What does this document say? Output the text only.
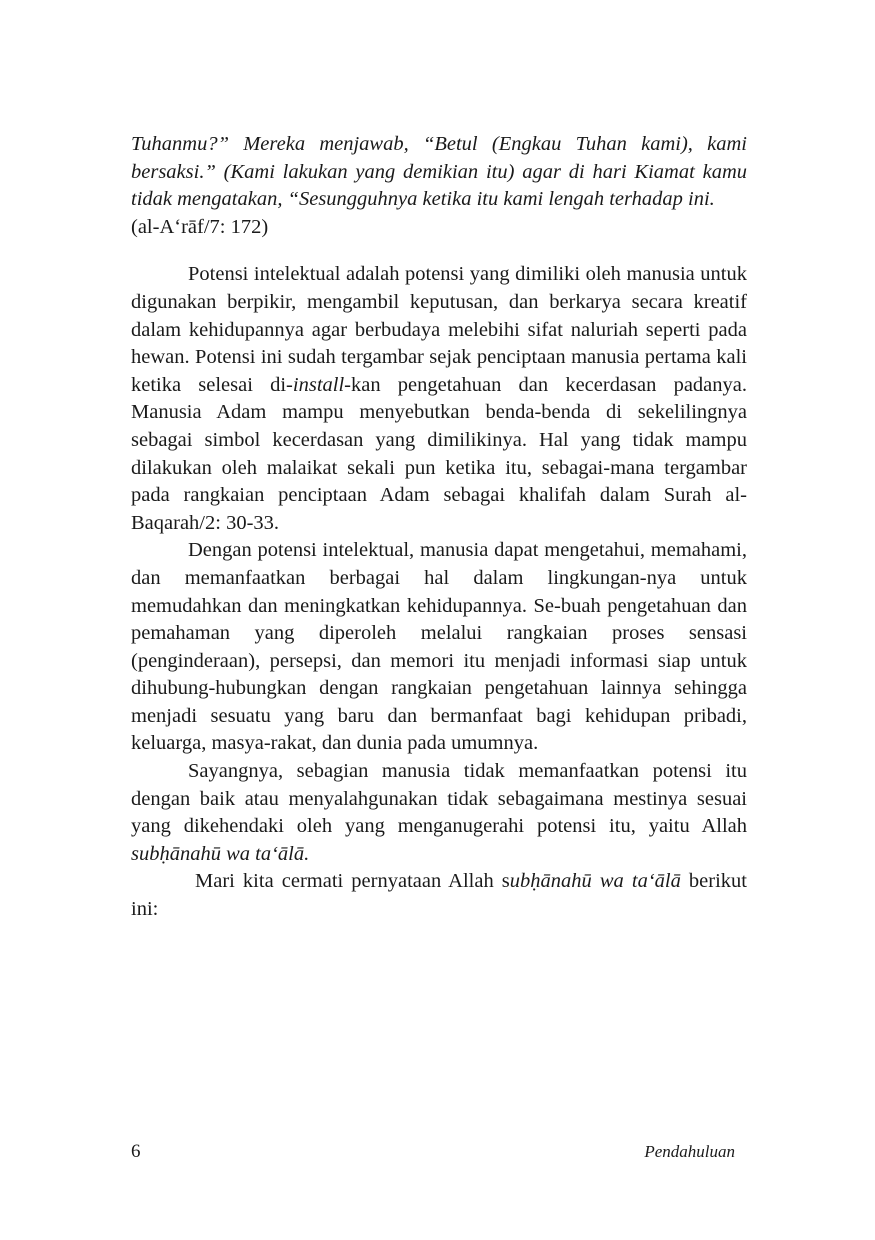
Tuhanmu?” Mereka menjawab, “Betul (Engkau Tuhan kami), kami bersaksi.” (Kami lakukan yang demikian itu) agar di hari Kiamat kamu tidak mengatakan, “Sesungguhnya ketika itu kami lengah terhadap ini.
(al-A‘rāf/7: 172)

Potensi intelektual adalah potensi yang dimiliki oleh manusia untuk digunakan berpikir, mengambil keputusan, dan berkarya secara kreatif dalam kehidupannya agar berbudaya melebihi sifat naluriah seperti pada hewan. Potensi ini sudah tergambar sejak penciptaan manusia pertama kali ketika selesai di-install-kan pengetahuan dan kecerdasan padanya. Manusia Adam mampu menyebutkan benda-benda di sekelilingnya sebagai simbol kecerdasan yang dimilikinya. Hal yang tidak mampu dilakukan oleh malaikat sekali pun ketika itu, sebagai-mana tergambar pada rangkaian penciptaan Adam sebagai khalifah dalam Surah al-Baqarah/2: 30-33.

Dengan potensi intelektual, manusia dapat mengetahui, memahami, dan memanfaatkan berbagai hal dalam lingkungan-nya untuk memudahkan dan meningkatkan kehidupannya. Se-buah pengetahuan dan pemahaman yang diperoleh melalui rangkaian proses sensasi (penginderaan), persepsi, dan memori itu menjadi informasi siap untuk dihubung-hubungkan dengan rangkaian pengetahuan lainnya sehingga menjadi sesuatu yang baru dan bermanfaat bagi kehidupan pribadi, keluarga, masya-rakat, dan dunia pada umumnya.

Sayangnya, sebagian manusia tidak memanfaatkan potensi itu dengan baik atau menyalahgunakan tidak sebagaimana mestinya sesuai yang dikehendaki oleh yang menganugerahi potensi itu, yaitu Allah subḥānahū wa ta‘ālā.

Mari kita cermati pernyataan Allah subḥānahū wa ta‘ālā berikut ini:

6	Pendahuluan
